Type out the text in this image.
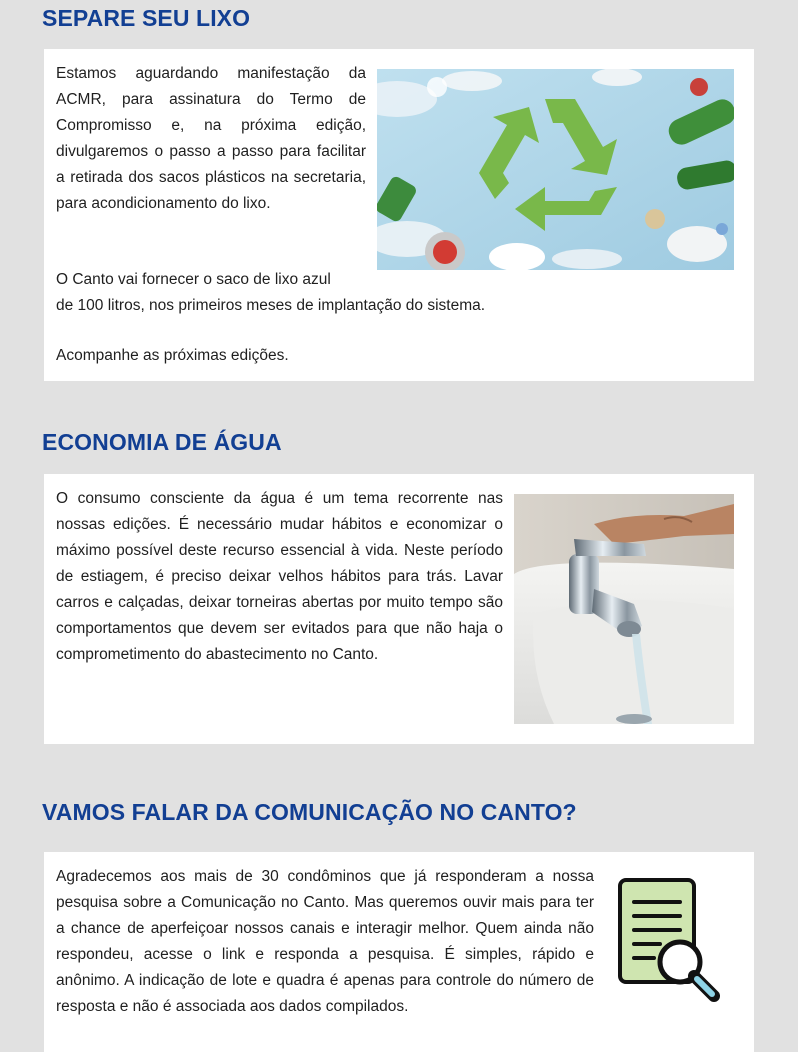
SEPARE SEU LIXO

Estamos aguardando manifestação da ACMR, para assinatura do Termo de Compromisso e, na próxima edição, divulgaremos o passo a passo para facilitar a retirada dos sacos plásticos na secretaria, para acondicionamento do lixo.

O Canto vai fornecer o saco de lixo azul

de 100 litros, nos primeiros meses de implantação do sistema.

Acompanhe as próximas edições.

ECONOMIA DE ÁGUA

O consumo consciente da água é um tema recorrente nas nossas edições. É necessário mudar hábitos e economizar o máximo possível deste recurso essencial à vida. Neste período de estiagem, é preciso deixar velhos hábitos para trás. Lavar carros e calçadas, deixar torneiras abertas por muito tempo são comportamentos que devem ser evitados para que não haja o comprometimento do abastecimento no Canto.

VAMOS FALAR DA COMUNICAÇÃO NO CANTO?

Agradecemos aos mais de 30 condôminos que já responderam a nossa pesquisa sobre a Comunicação no Canto. Mas queremos ouvir mais para ter a chance de aperfeiçoar nossos canais e interagir melhor. Quem ainda não respondeu, acesse o link e responda a pesquisa. É simples, rápido e anônimo. A indicação de lote e quadra é apenas para controle do número de resposta e não é associada aos dados compilados.
